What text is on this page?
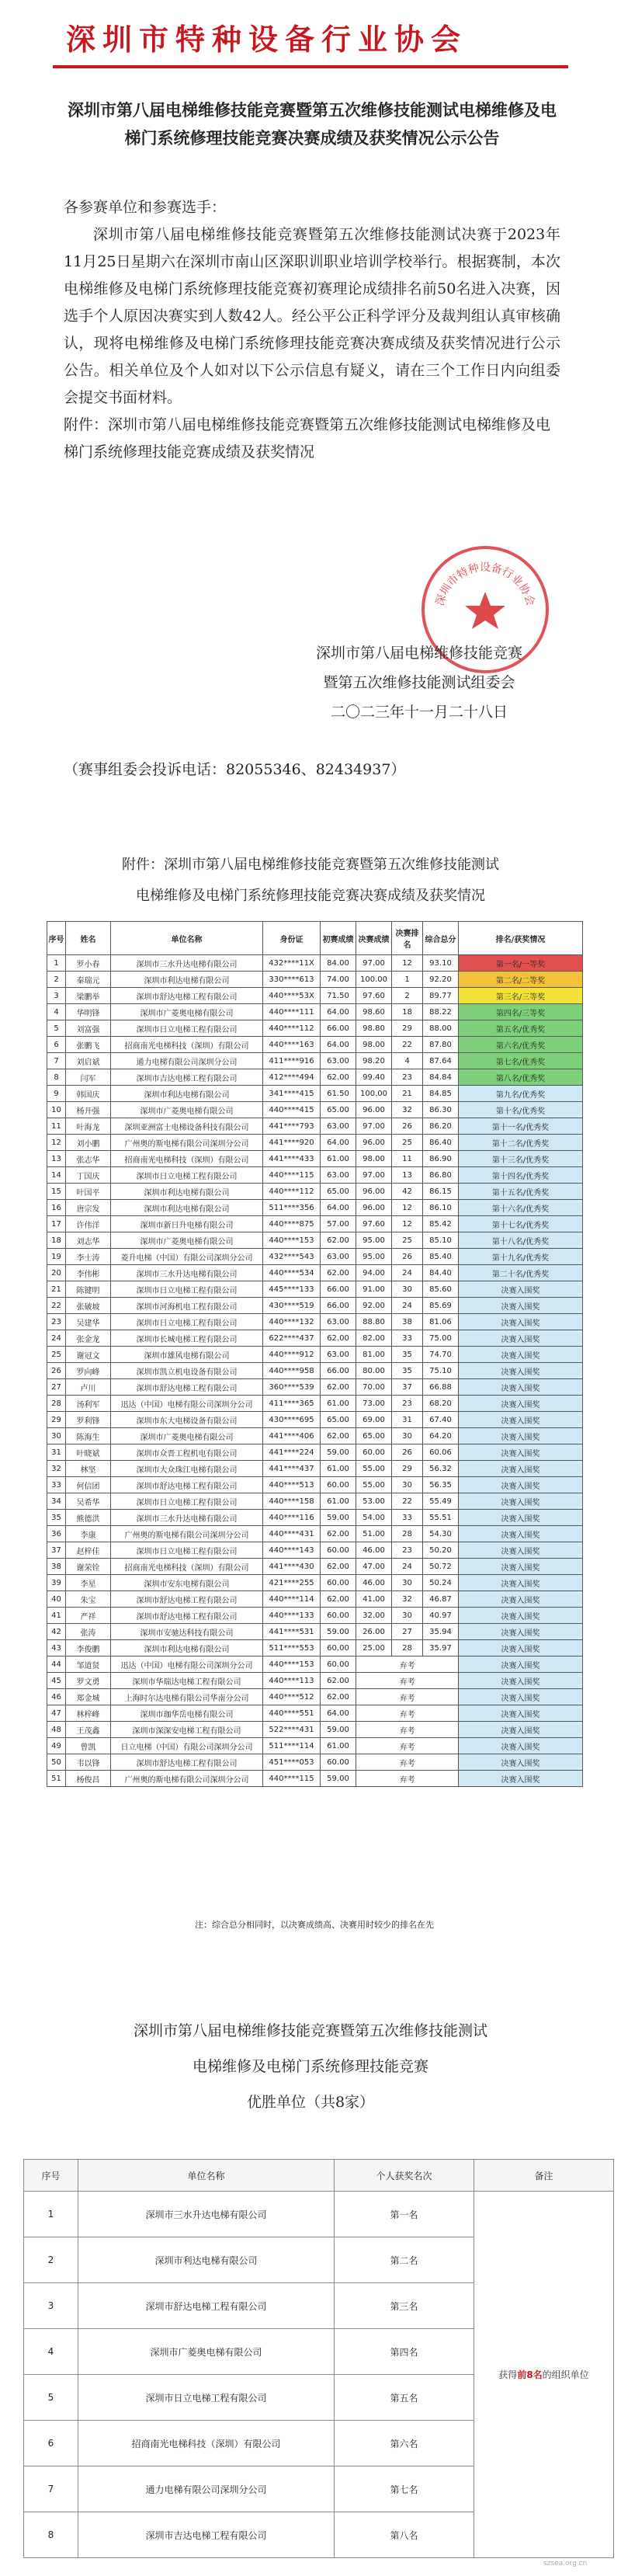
深圳市特种设备行业协会
深圳市第八届电梯维修技能竞赛暨第五次维修技能测试电梯维修及电梯门系统修理技能竞赛决赛成绩及获奖情况公示公告

各参赛单位和参赛选手：

深圳市第八届电梯维修技能竞赛暨第五次维修技能测试决赛于2023年11月25日星期六在深圳市南山区深职训职业培训学校举行。根据赛制，本次电梯维修及电梯门系统修理技能竞赛初赛理论成绩排名前50名进入决赛，因选手个人原因决赛实到人数42人。经公平公正科学评分及裁判组认真审核确认，现将电梯维修及电梯门系统修理技能竞赛决赛成绩及获奖情况进行公示公告。相关单位及个人如对以下公示信息有疑义，请在三个工作日内向组委会提交书面材料。

附件：深圳市第八届电梯维修技能竞赛暨第五次维修技能测试电梯维修及电梯门系统修理技能竞赛成绩及获奖情况

深圳市特种设备行业协会
深圳市第八届电梯维修技能竞赛
暨第五次维修技能测试组委会
二〇二三年十一月二十八日
（赛事组委会投诉电话：82055346、82434937）
附件：深圳市第八届电梯维修技能竞赛暨第五次维修技能测试
电梯维修及电梯门系统修理技能竞赛决赛成绩及获奖情况
序号	姓名	单位名称	身份证	初赛成绩	决赛成绩	决赛排名	综合总分	排名/获奖情况
1	罗小春	深圳市三水升达电梯有限公司	432****11X	84.00	97.00	12	93.10	第一名/一等奖
2	秦瑞元	深圳市利达电梯有限公司	330****613	74.00	100.00	1	92.20	第二名/二等奖
3	梁鹏举	深圳市舒达电梯工程有限公司	440****53X	71.50	97.60	2	89.77	第三名/三等奖
4	华明锋	深圳市广菱奥电梯有限公司	440****111	64.00	98.60	18	88.22	第四名/三等奖
5	刘富强	深圳市日立电梯工程有限公司	440****112	66.00	98.80	29	88.00	第五名/优秀奖
6	张鹏飞	招商南光电梯科技（深圳）有限公司	440****163	64.00	98.00	22	87.80	第六名/优秀奖
7	刘启斌	通力电梯有限公司深圳分公司	411****916	63.00	98.20	4	87.64	第七名/优秀奖
8	闫军	深圳市吉达电梯工程有限公司	412****494	62.00	99.40	23	84.84	第八名/优秀奖
9	韩国庆	深圳市利达电梯有限公司	341****415	61.50	100.00	21	84.85	第九名/优秀奖
10	杨开强	深圳市广菱奥电梯有限公司	440****415	65.00	96.00	32	86.30	第十名/优秀奖
11	叶海龙	深圳亚洲富士电梯设备科技有限公司	441****793	63.00	97.00	26	86.20	第十一名/优秀奖
12	刘小鹏	广州奥的斯电梯有限公司深圳分公司	441****920	64.00	96.00	25	86.40	第十二名/优秀奖
13	张志华	招商南光电梯科技（深圳）有限公司	441****433	61.00	98.00	11	86.90	第十三名/优秀奖
14	丁国庆	深圳市日立电梯工程有限公司	440****115	63.00	97.00	13	86.80	第十四名/优秀奖
15	叶国平	深圳市利达电梯有限公司	440****112	65.00	96.00	42	86.15	第十五名/优秀奖
16	唐宗发	深圳市利达电梯有限公司	511****356	64.00	96.00	12	86.10	第十六名/优秀奖
17	许伟洋	深圳市新日升电梯有限公司	440****875	57.00	97.60	12	85.42	第十七名/优秀奖
18	刘志华	深圳市广菱奥电梯有限公司	440****153	62.00	95.00	25	85.10	第十八名/优秀奖
19	李士涛	菱升电梯（中国）有限公司深圳分公司	432****543	63.00	95.00	26	85.40	第十九名/优秀奖
20	李伟彬	深圳市三水升达电梯有限公司	440****534	62.00	94.00	24	84.40	第二十名/优秀奖
21	陈键明	深圳市日立电梯工程有限公司	445****133	66.00	91.00	30	85.60	决赛入围奖
22	张破坡	深圳市河海机电工程有限公司	430****519	66.00	92.00	24	85.69	决赛入围奖
23	吴建华	深圳市日立电梯工程有限公司	440****132	63.00	88.80	38	81.06	决赛入围奖
24	张金龙	深圳市长城电梯工程有限公司	622****437	62.00	82.00	33	75.00	决赛入围奖
25	谢冠文	深圳市雄风电梯有限公司	440****912	63.00	81.00	35	74.70	决赛入围奖
26	罗向峰	深圳市凯立机电设备有限公司	440****958	66.00	80.00	35	75.10	决赛入围奖
27	卢川	深圳市舒达电梯工程有限公司	360****539	62.00	70.00	37	66.88	决赛入围奖
28	汤利军	迅达（中国）电梯有限公司深圳分公司	411****365	61.00	73.00	23	68.20	决赛入围奖
29	罗利锋	深圳市东大电梯设备有限公司	430****695	65.00	69.00	31	67.40	决赛入围奖
30	陈海生	深圳市广菱奥电梯有限公司	441****406	62.00	65.00	30	64.20	决赛入围奖
31	叶晓斌	深圳市众晋工程机电有限公司	441****224	59.00	60.00	26	60.06	决赛入围奖
32	林坚	深圳市大众珠江电梯有限公司	441****437	61.00	55.00	29	56.32	决赛入围奖
33	何信团	深圳市舒达电梯工程有限公司	440****513	60.00	55.00	30	56.35	决赛入围奖
34	吴希华	深圳市日立电梯工程有限公司	440****158	61.00	53.00	22	55.49	决赛入围奖
35	熊德洪	深圳市三水升达电梯有限公司	440****116	59.00	54.00	33	55.51	决赛入围奖
36	李康	广州奥的斯电梯有限公司深圳分公司	440****431	62.00	51.00	28	54.30	决赛入围奖
37	赵梓佳	深圳市日立电梯工程有限公司	440****143	60.00	46.00	23	50.20	决赛入围奖
38	谢荣铨	招商南光电梯科技（深圳）有限公司	441****430	62.00	47.00	24	50.72	决赛入围奖
39	李星	深圳市安东电梯有限公司	421****255	60.00	46.00	30	50.24	决赛入围奖
40	朱宝	深圳市舒达电梯工程有限公司	440****114	62.00	41.00	32	46.87	决赛入围奖
41	严祥	深圳市舒达电梯工程有限公司	440****133	60.00	32.00	30	40.97	决赛入围奖
42	张涛	深圳市安驰达科技有限公司	441****531	59.00	26.00	27	35.94	决赛入围奖
43	李俊鹏	深圳市利达电梯有限公司	511****553	60.00	25.00	28	35.97	决赛入围奖
44	邹道贤	迅达（中国）电梯有限公司深圳分公司	440****153	60.00	弃考			决赛入围奖
45	罗文勇	深圳市华瑞达电梯工程有限公司	440****113	62.00	弃考			决赛入围奖
46	郑金城	上海时尔达电梯有限公司华南分公司	440****512	62.00	弃考			决赛入围奖
47	林梓峰	深圳市珈华岳电梯有限公司	440****551	64.00	弃考			决赛入围奖
48	王茂鑫	深圳市深深安电梯工程有限公司	522****431	59.00	弃考			决赛入围奖
49	曾凯	日立电梯（中国）有限公司深圳分公司	511****114	61.00	弃考			决赛入围奖
50	韦以锋	深圳市舒达电梯工程有限公司	451****053	60.00	弃考			决赛入围奖
51	杨俊昌	广州奥的斯电梯有限公司深圳分公司	440****115	59.00	弃考			决赛入围奖
注：综合总分相同时，以决赛成绩高、决赛用时较少的排名在先
深圳市第八届电梯维修技能竞赛暨第五次维修技能测试
电梯维修及电梯门系统修理技能竞赛
优胜单位（共8家）
序号	单位名称	个人获奖名次	备注
1	深圳市三水升达电梯有限公司	第一名	获得前8名的组织单位
2	深圳市利达电梯有限公司	第二名	
3	深圳市舒达电梯工程有限公司	第三名	
4	深圳市广菱奥电梯有限公司	第四名	
5	深圳市日立电梯工程有限公司	第五名	
6	招商南光电梯科技（深圳）有限公司	第六名	
7	通力电梯有限公司深圳分公司	第七名	
8	深圳市吉达电梯工程有限公司	第八名	
szsea.org.cn
